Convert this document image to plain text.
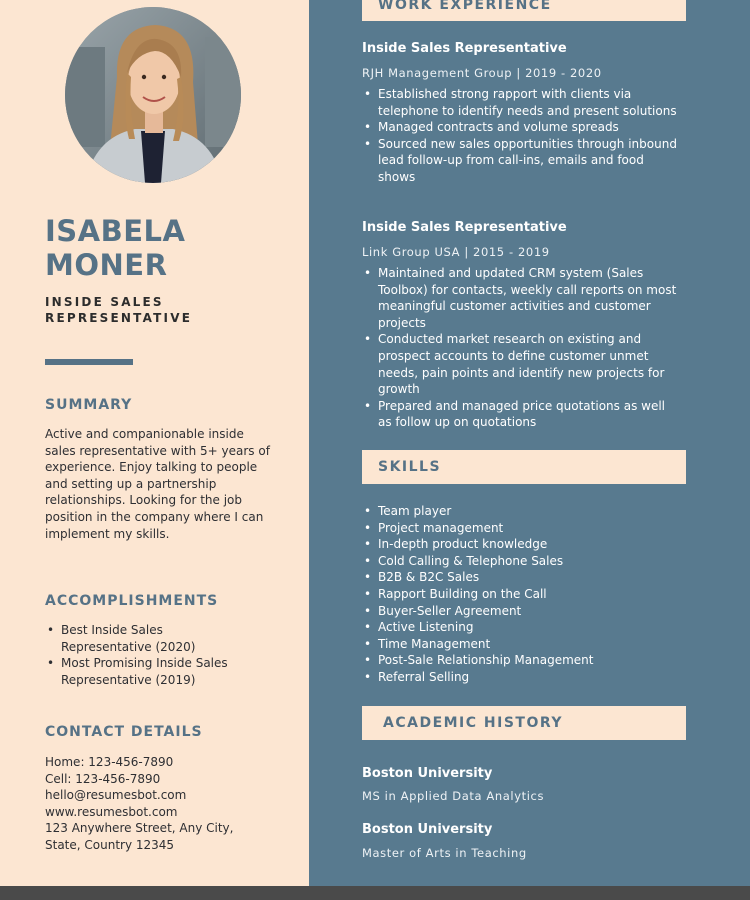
ISABELA
MONER
INSIDE SALES
REPRESENTATIVE
SUMMARY
Active and companionable inside sales representative with 5+ years of experience. Enjoy talking to people and setting up a partnership relationships. Looking for the job position in the company where I can implement my skills.
ACCOMPLISHMENTS
• Best Inside Sales Representative (2020)
• Most Promising Inside Sales Representative (2019)
CONTACT DETAILS
Home: 123-456-7890
Cell: 123-456-7890
hello@resumesbot.com
www.resumesbot.com
123 Anywhere Street, Any City,
State, Country 12345
WORK EXPERIENCE
Inside Sales Representative
RJH Management Group | 2019 - 2020
• Established strong rapport with clients via telephone to identify needs and present solutions
• Managed contracts and volume spreads
• Sourced new sales opportunities through inbound lead follow-up from call-ins, emails and food shows
Inside Sales Representative
Link Group USA | 2015 - 2019
• Maintained and updated CRM system (Sales Toolbox) for contacts, weekly call reports on most meaningful customer activities and customer projects
• Conducted market research on existing and prospect accounts to define customer unmet needs, pain points and identify new projects for growth
• Prepared and managed price quotations as well as follow up on quotations
SKILLS
• Team player
• Project management
• In-depth product knowledge
• Cold Calling & Telephone Sales
• B2B & B2C Sales
• Rapport Building on the Call
• Buyer-Seller Agreement
• Active Listening
• Time Management
• Post-Sale Relationship Management
• Referral Selling
ACADEMIC HISTORY
Boston University
MS in Applied Data Analytics
Boston University
Master of Arts in Teaching
